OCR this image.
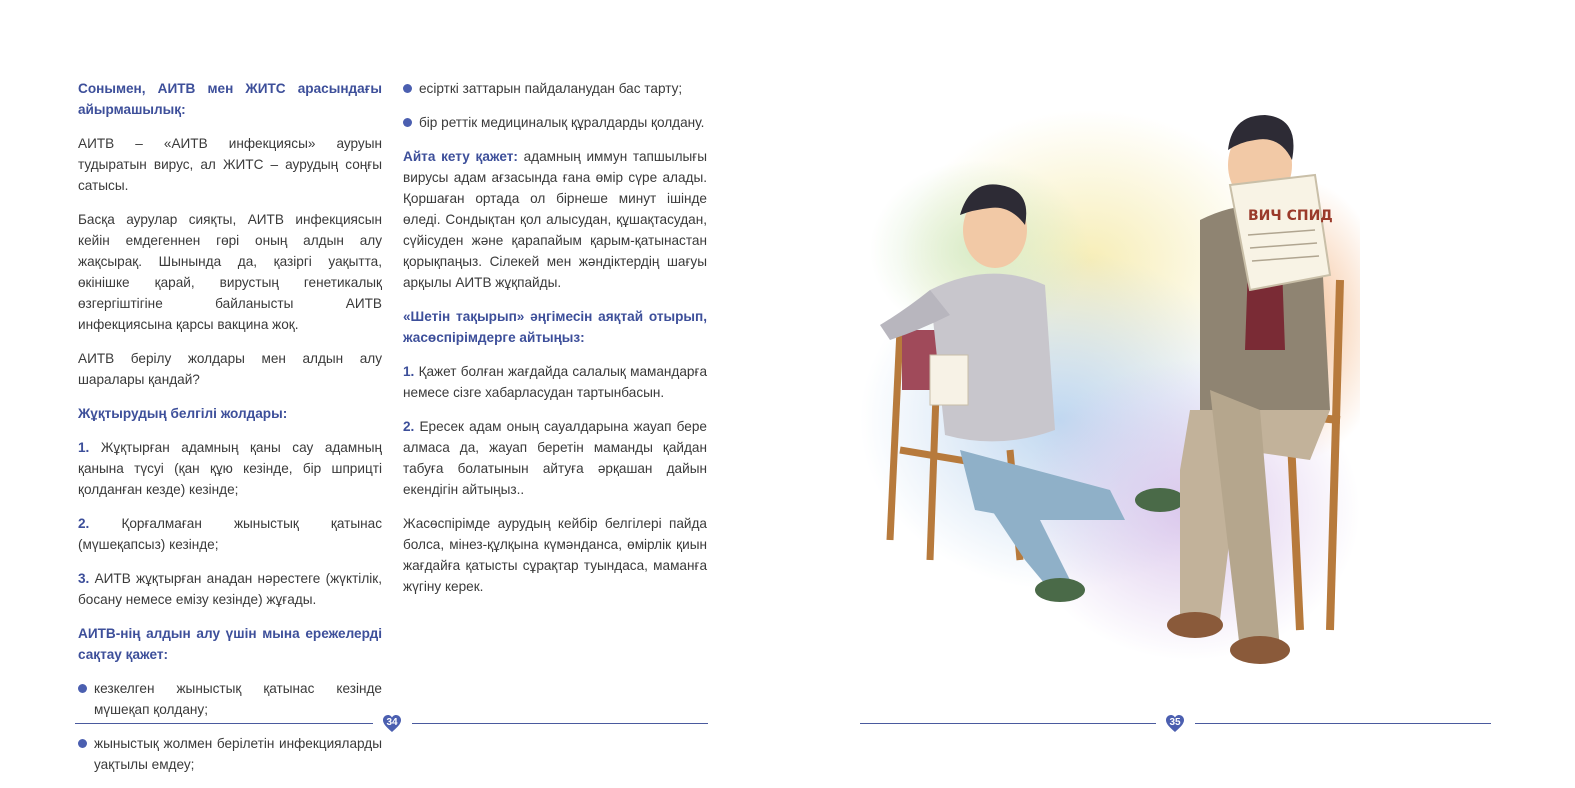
Сонымен, АИТВ мен ЖИТС арасындағы айырмашылық:

АИТВ – «АИТВ инфекциясы» ауруын тудыратын вирус, ал ЖИТС – аурудың соңғы сатысы.

Басқа аурулар сияқты, АИТВ инфекциясын кейін емдегеннен гөрі оның алдын алу жақсырақ. Шынында да, қазіргі уақытта, өкінішке қарай, вирустың генетикалық өзгергіштігіне байланысты АИТВ инфекциясына қарсы вакцина жоқ.

АИТВ берілу жолдары мен алдын алу шаралары қандай?

Жұқтырудың белгілі жолдары:

1. Жұқтырған адамның қаны сау адамның қанына түсуі (қан құю кезінде, бір шприцті қолданған кезде) кезінде;

2. Қорғалмаған жыныстық қатынас (мүшеқапсыз) кезінде;

3. АИТВ жұқтырған анадан нәрестеге (жүктілік, босану немесе емізу кезінде) жұғады.

АИТВ-нің алдын алу үшін мына ережелерді сақтау қажет:

кезкелген жыныстық қатынас кезінде мүшеқап қолдану;

жыныстық жолмен берілетін инфекцияларды уақтылы емдеу;

есірткі заттарын пайдаланудан бас тарту;

бір реттік медициналық құралдарды қолдану.

Айта кету қажет: адамның иммун тапшылығы вирусы адам ағзасында ғана өмір сүре алады. Қоршаған ортада ол бірнеше минут ішінде өледі. Сондықтан қол алысудан, құшақтасудан, сүйісуден және қарапайым қарым-қатынастан қорықпаңыз. Сілекей мен жәндіктердің шағуы арқылы АИТВ жұқпайды.

«Шетін тақырып» әңгімесін аяқтай отырып, жасөспірімдерге айтыңыз:

1. Қажет болған жағдайда салалық мамандарға немесе сізге хабарласудан тартынбасын.

2. Ересек адам оның сауалдарына жауап бере алмаса да, жауап беретін маманды қайдан табуға болатынын айтуға әрқашан дайын екендігін айтыңыз..

Жасөспірімде аурудың кейбір белгілері пайда болса, мінез-құлқына күмәнданса, өмірлік қиын жағдайға қатысты сұрақтар туындаса, маманға жүгіну керек.

34	35
ВИЧ СПИД
